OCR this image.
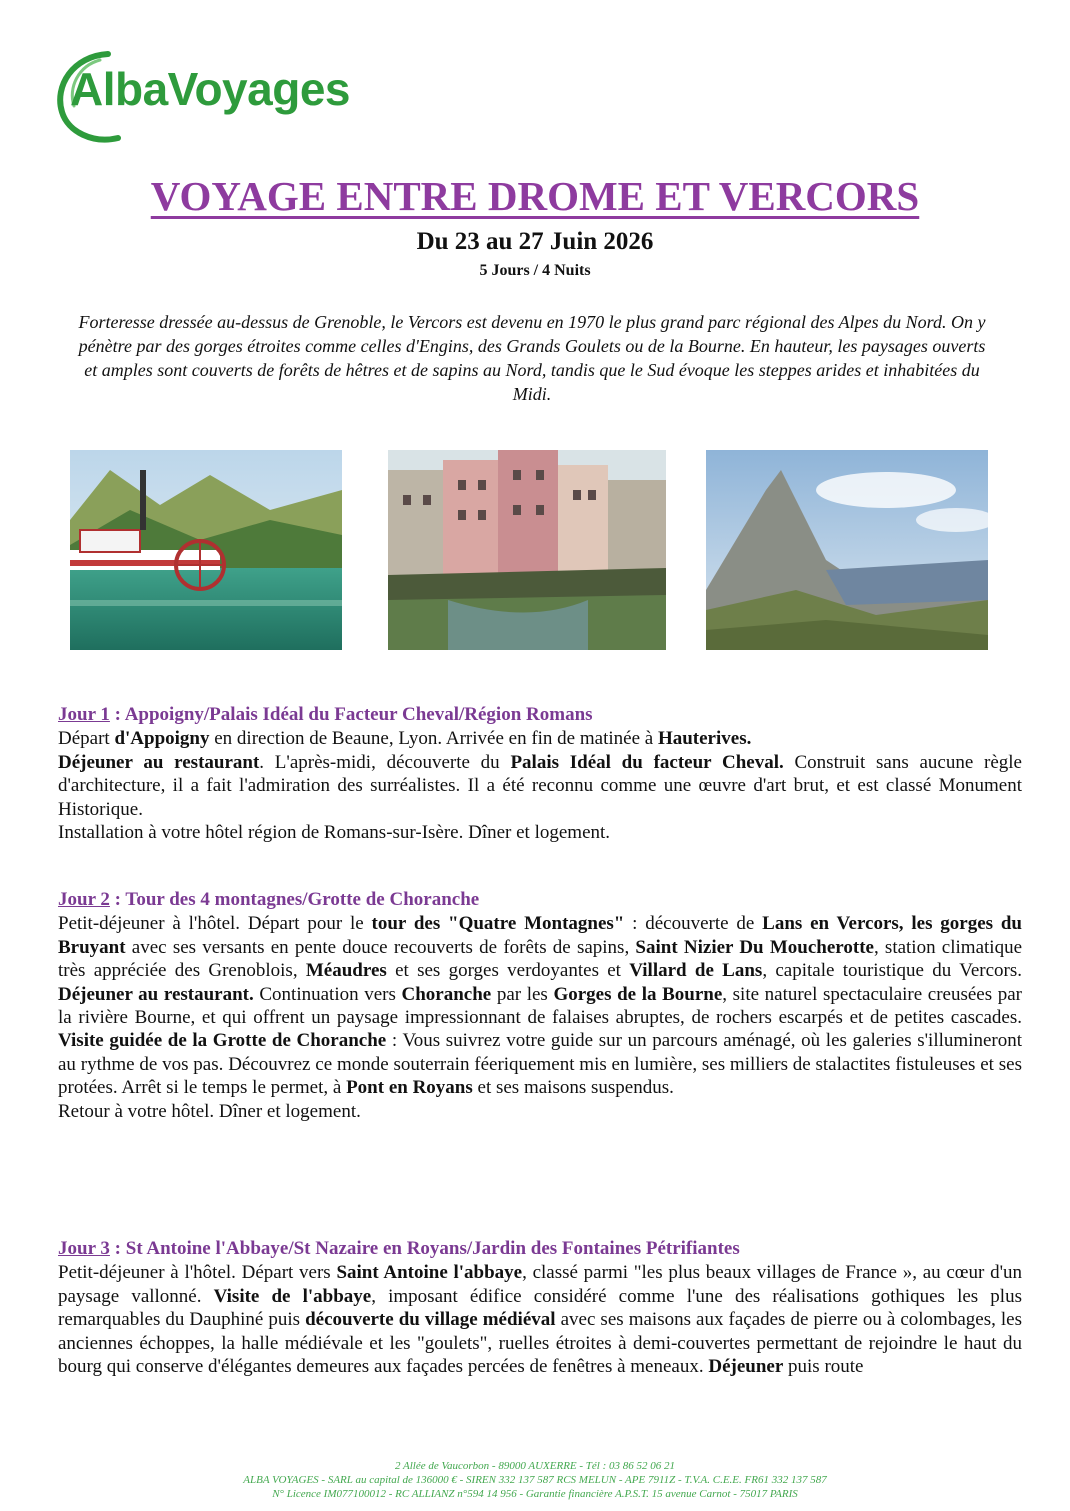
AlbaVoyages
VOYAGE ENTRE DROME ET VERCORS
Du 23 au 27 Juin 2026
5 Jours / 4 Nuits
Forteresse dressée au-dessus de Grenoble, le Vercors est devenu en 1970 le plus grand parc régional des Alpes du Nord. On y pénètre par des gorges étroites comme celles d'Engins, des Grands Goulets ou de la Bourne. En hauteur, les paysages ouverts et amples sont couverts de forêts de hêtres et de sapins au Nord, tandis que le Sud évoque les steppes arides et inhabitées du Midi.
Jour 1 : Appoigny/Palais Idéal du Facteur Cheval/Région Romans

Départ d'Appoigny en direction de Beaune, Lyon. Arrivée en fin de matinée à Hauterives.
Déjeuner au restaurant. L'après-midi, découverte du Palais Idéal du facteur Cheval. Construit sans aucune règle d'architecture, il a fait l'admiration des surréalistes. Il a été reconnu comme une œuvre d'art brut, et est classé Monument Historique.
Installation à votre hôtel région de Romans-sur-Isère. Dîner et logement.

Jour 2 : Tour des 4 montagnes/Grotte de Choranche

Petit-déjeuner à l'hôtel. Départ pour le tour des "Quatre Montagnes" : découverte de Lans en Vercors, les gorges du Bruyant avec ses versants en pente douce recouverts de forêts de sapins, Saint Nizier Du Moucherotte, station climatique très appréciée des Grenoblois, Méaudres et ses gorges verdoyantes et Villard de Lans, capitale touristique du Vercors. Déjeuner au restaurant. Continuation vers Choranche par les Gorges de la Bourne, site naturel spectaculaire creusées par la rivière Bourne, et qui offrent un paysage impressionnant de falaises abruptes, de rochers escarpés et de petites cascades. Visite guidée de la Grotte de Choranche : Vous suivrez votre guide sur un parcours aménagé, où les galeries s'illumineront au rythme de vos pas. Découvrez ce monde souterrain féeriquement mis en lumière, ses milliers de stalactites fistuleuses et ses protées. Arrêt si le temps le permet, à Pont en Royans et ses maisons suspendus.
Retour à votre hôtel. Dîner et logement.

Jour 3 : St Antoine l'Abbaye/St Nazaire en Royans/Jardin des Fontaines Pétrifiantes

Petit-déjeuner à l'hôtel. Départ vers Saint Antoine l'abbaye, classé parmi "les plus beaux villages de France », au cœur d'un paysage vallonné. Visite de l'abbaye, imposant édifice considéré comme l'une des réalisations gothiques les plus remarquables du Dauphiné puis découverte du village médiéval avec ses maisons aux façades de pierre ou à colombages, les anciennes échoppes, la halle médiévale et les "goulets", ruelles étroites à demi-couvertes permettant de rejoindre le haut du bourg qui conserve d'élégantes demeures aux façades percées de fenêtres à meneaux. Déjeuner puis route

2 Allée de Vaucorbon - 89000 AUXERRE - Tél : 03 86 52 06 21
ALBA VOYAGES - SARL au capital de 136000 € - SIREN 332 137 587 RCS MELUN - APE 7911Z - T.V.A. C.E.E. FR61 332 137 587
N° Licence IM077100012 - RC ALLIANZ n°594 14 956 - Garantie financière A.P.S.T. 15 avenue Carnot - 75017 PARIS
